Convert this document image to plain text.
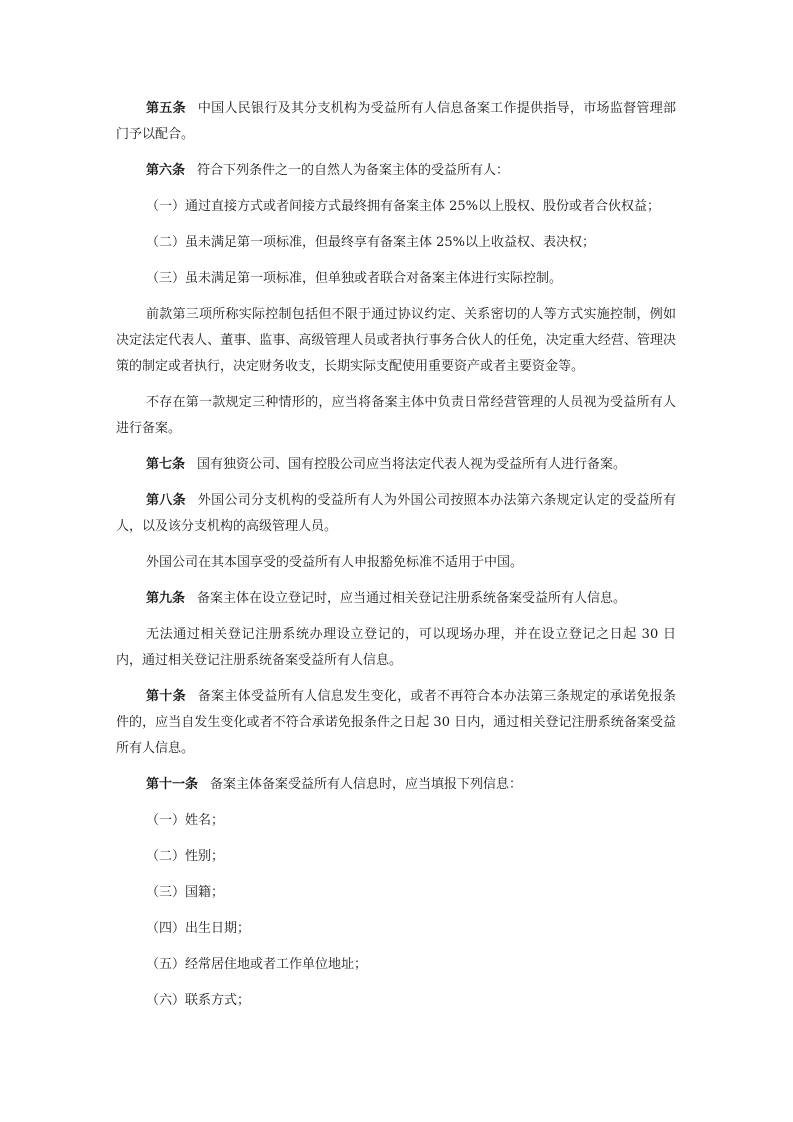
第五条 中国人民银行及其分支机构为受益所有人信息备案工作提供指导，市场监督管理部门予以配合。

第六条 符合下列条件之一的自然人为备案主体的受益所有人：

（一）通过直接方式或者间接方式最终拥有备案主体 25%以上股权、股份或者合伙权益；

（二）虽未满足第一项标准，但最终享有备案主体 25%以上收益权、表决权；

（三）虽未满足第一项标准，但单独或者联合对备案主体进行实际控制。

前款第三项所称实际控制包括但不限于通过协议约定、关系密切的人等方式实施控制，例如决定法定代表人、董事、监事、高级管理人员或者执行事务合伙人的任免，决定重大经营、管理决策的制定或者执行，决定财务收支，长期实际支配使用重要资产或者主要资金等。

不存在第一款规定三种情形的，应当将备案主体中负责日常经营管理的人员视为受益所有人进行备案。

第七条 国有独资公司、国有控股公司应当将法定代表人视为受益所有人进行备案。

第八条 外国公司分支机构的受益所有人为外国公司按照本办法第六条规定认定的受益所有人，以及该分支机构的高级管理人员。

外国公司在其本国享受的受益所有人申报豁免标准不适用于中国。

第九条 备案主体在设立登记时，应当通过相关登记注册系统备案受益所有人信息。

无法通过相关登记注册系统办理设立登记的，可以现场办理，并在设立登记之日起 30 日内，通过相关登记注册系统备案受益所有人信息。

第十条 备案主体受益所有人信息发生变化，或者不再符合本办法第三条规定的承诺免报条件的，应当自发生变化或者不符合承诺免报条件之日起 30 日内，通过相关登记注册系统备案受益所有人信息。

第十一条 备案主体备案受益所有人信息时，应当填报下列信息：

（一）姓名；

（二）性别；

（三）国籍；

（四）出生日期；

（五）经常居住地或者工作单位地址；

（六）联系方式；
